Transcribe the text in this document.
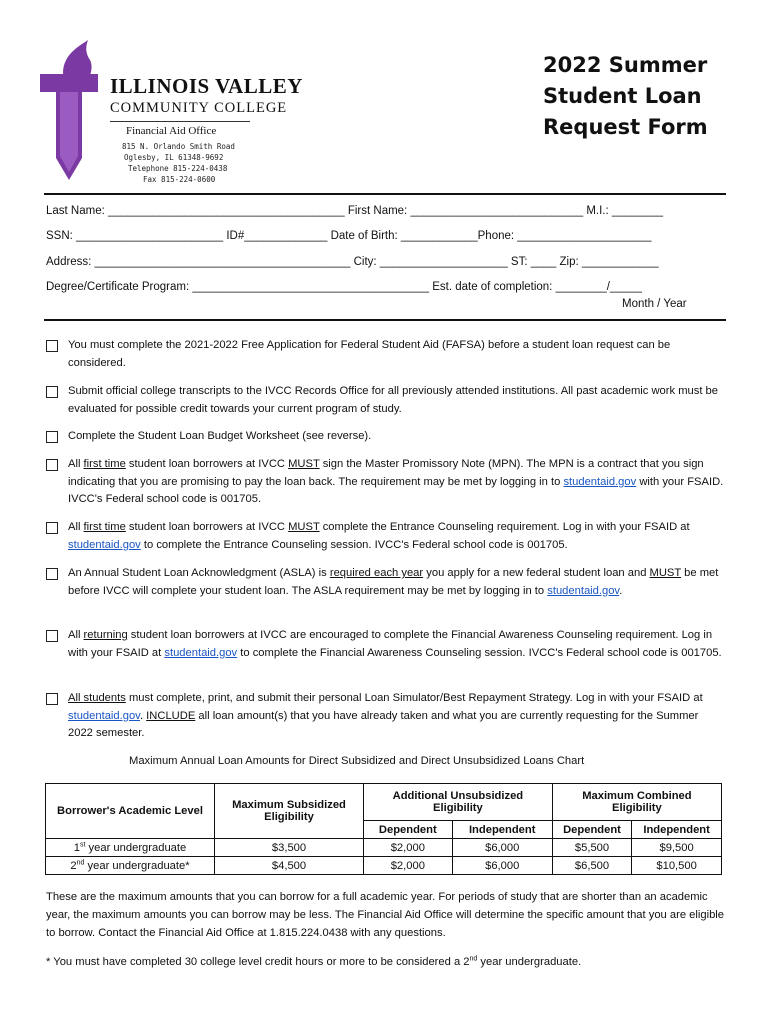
ILLINOIS VALLEY
COMMUNITY COLLEGE
Financial Aid Office
815 N. Orlando Smith Road
Oglesby, IL 61348-9692
Telephone 815-224-0438
Fax 815-224-0600
2022 Summer
Student Loan
Request Form
Last Name: _____________________________________ First Name: ___________________________ M.I.: ________
SSN: _______________________ ID#_____________ Date of Birth: ____________Phone: _____________________
Address: ________________________________________ City: ____________________ ST: ____ Zip: ____________
Degree/Certificate Program: _____________________________________ Est. date of completion: ________/_____
Month / Year
You must complete the 2021-2022 Free Application for Federal Student Aid (FAFSA) before a student loan request can be considered.
Submit official college transcripts to the IVCC Records Office for all previously attended institutions. All past academic work must be evaluated for possible credit towards your current program of study.
Complete the Student Loan Budget Worksheet (see reverse).
All first time student loan borrowers at IVCC MUST sign the Master Promissory Note (MPN). The MPN is a contract that you sign indicating that you are promising to pay the loan back. The requirement may be met by logging in to studentaid.gov with your FSAID. IVCC's Federal school code is 001705.
All first time student loan borrowers at IVCC MUST complete the Entrance Counseling requirement. Log in with your FSAID at studentaid.gov to complete the Entrance Counseling session. IVCC's Federal school code is 001705.
An Annual Student Loan Acknowledgment (ASLA) is required each year you apply for a new federal student loan and MUST be met before IVCC will complete your student loan. The ASLA requirement may be met by logging in to studentaid.gov.
All returning student loan borrowers at IVCC are encouraged to complete the Financial Awareness Counseling requirement. Log in with your FSAID at studentaid.gov to complete the Financial Awareness Counseling session. IVCC's Federal school code is 001705.
All students must complete, print, and submit their personal Loan Simulator/Best Repayment Strategy. Log in with your FSAID at studentaid.gov. INCLUDE all loan amount(s) that you have already taken and what you are currently requesting for the Summer 2022 semester.
Maximum Annual Loan Amounts for Direct Subsidized and Direct Unsubsidized Loans Chart
Borrower's Academic Level	Maximum Subsidized Eligibility	Additional Unsubsidized Eligibility		Maximum Combined Eligibility	
		Dependent	Independent	Dependent	Independent
1st year undergraduate	$3,500	$2,000	$6,000	$5,500	$9,500
2nd year undergraduate*	$4,500	$2,000	$6,000	$6,500	$10,500
These are the maximum amounts that you can borrow for a full academic year. For periods of study that are shorter than an academic year, the maximum amounts you can borrow may be less. The Financial Aid Office will determine the specific amount that you are eligible to borrow. Contact the Financial Aid Office at 1.815.224.0438 with any questions.
* You must have completed 30 college level credit hours or more to be considered a 2nd year undergraduate.
